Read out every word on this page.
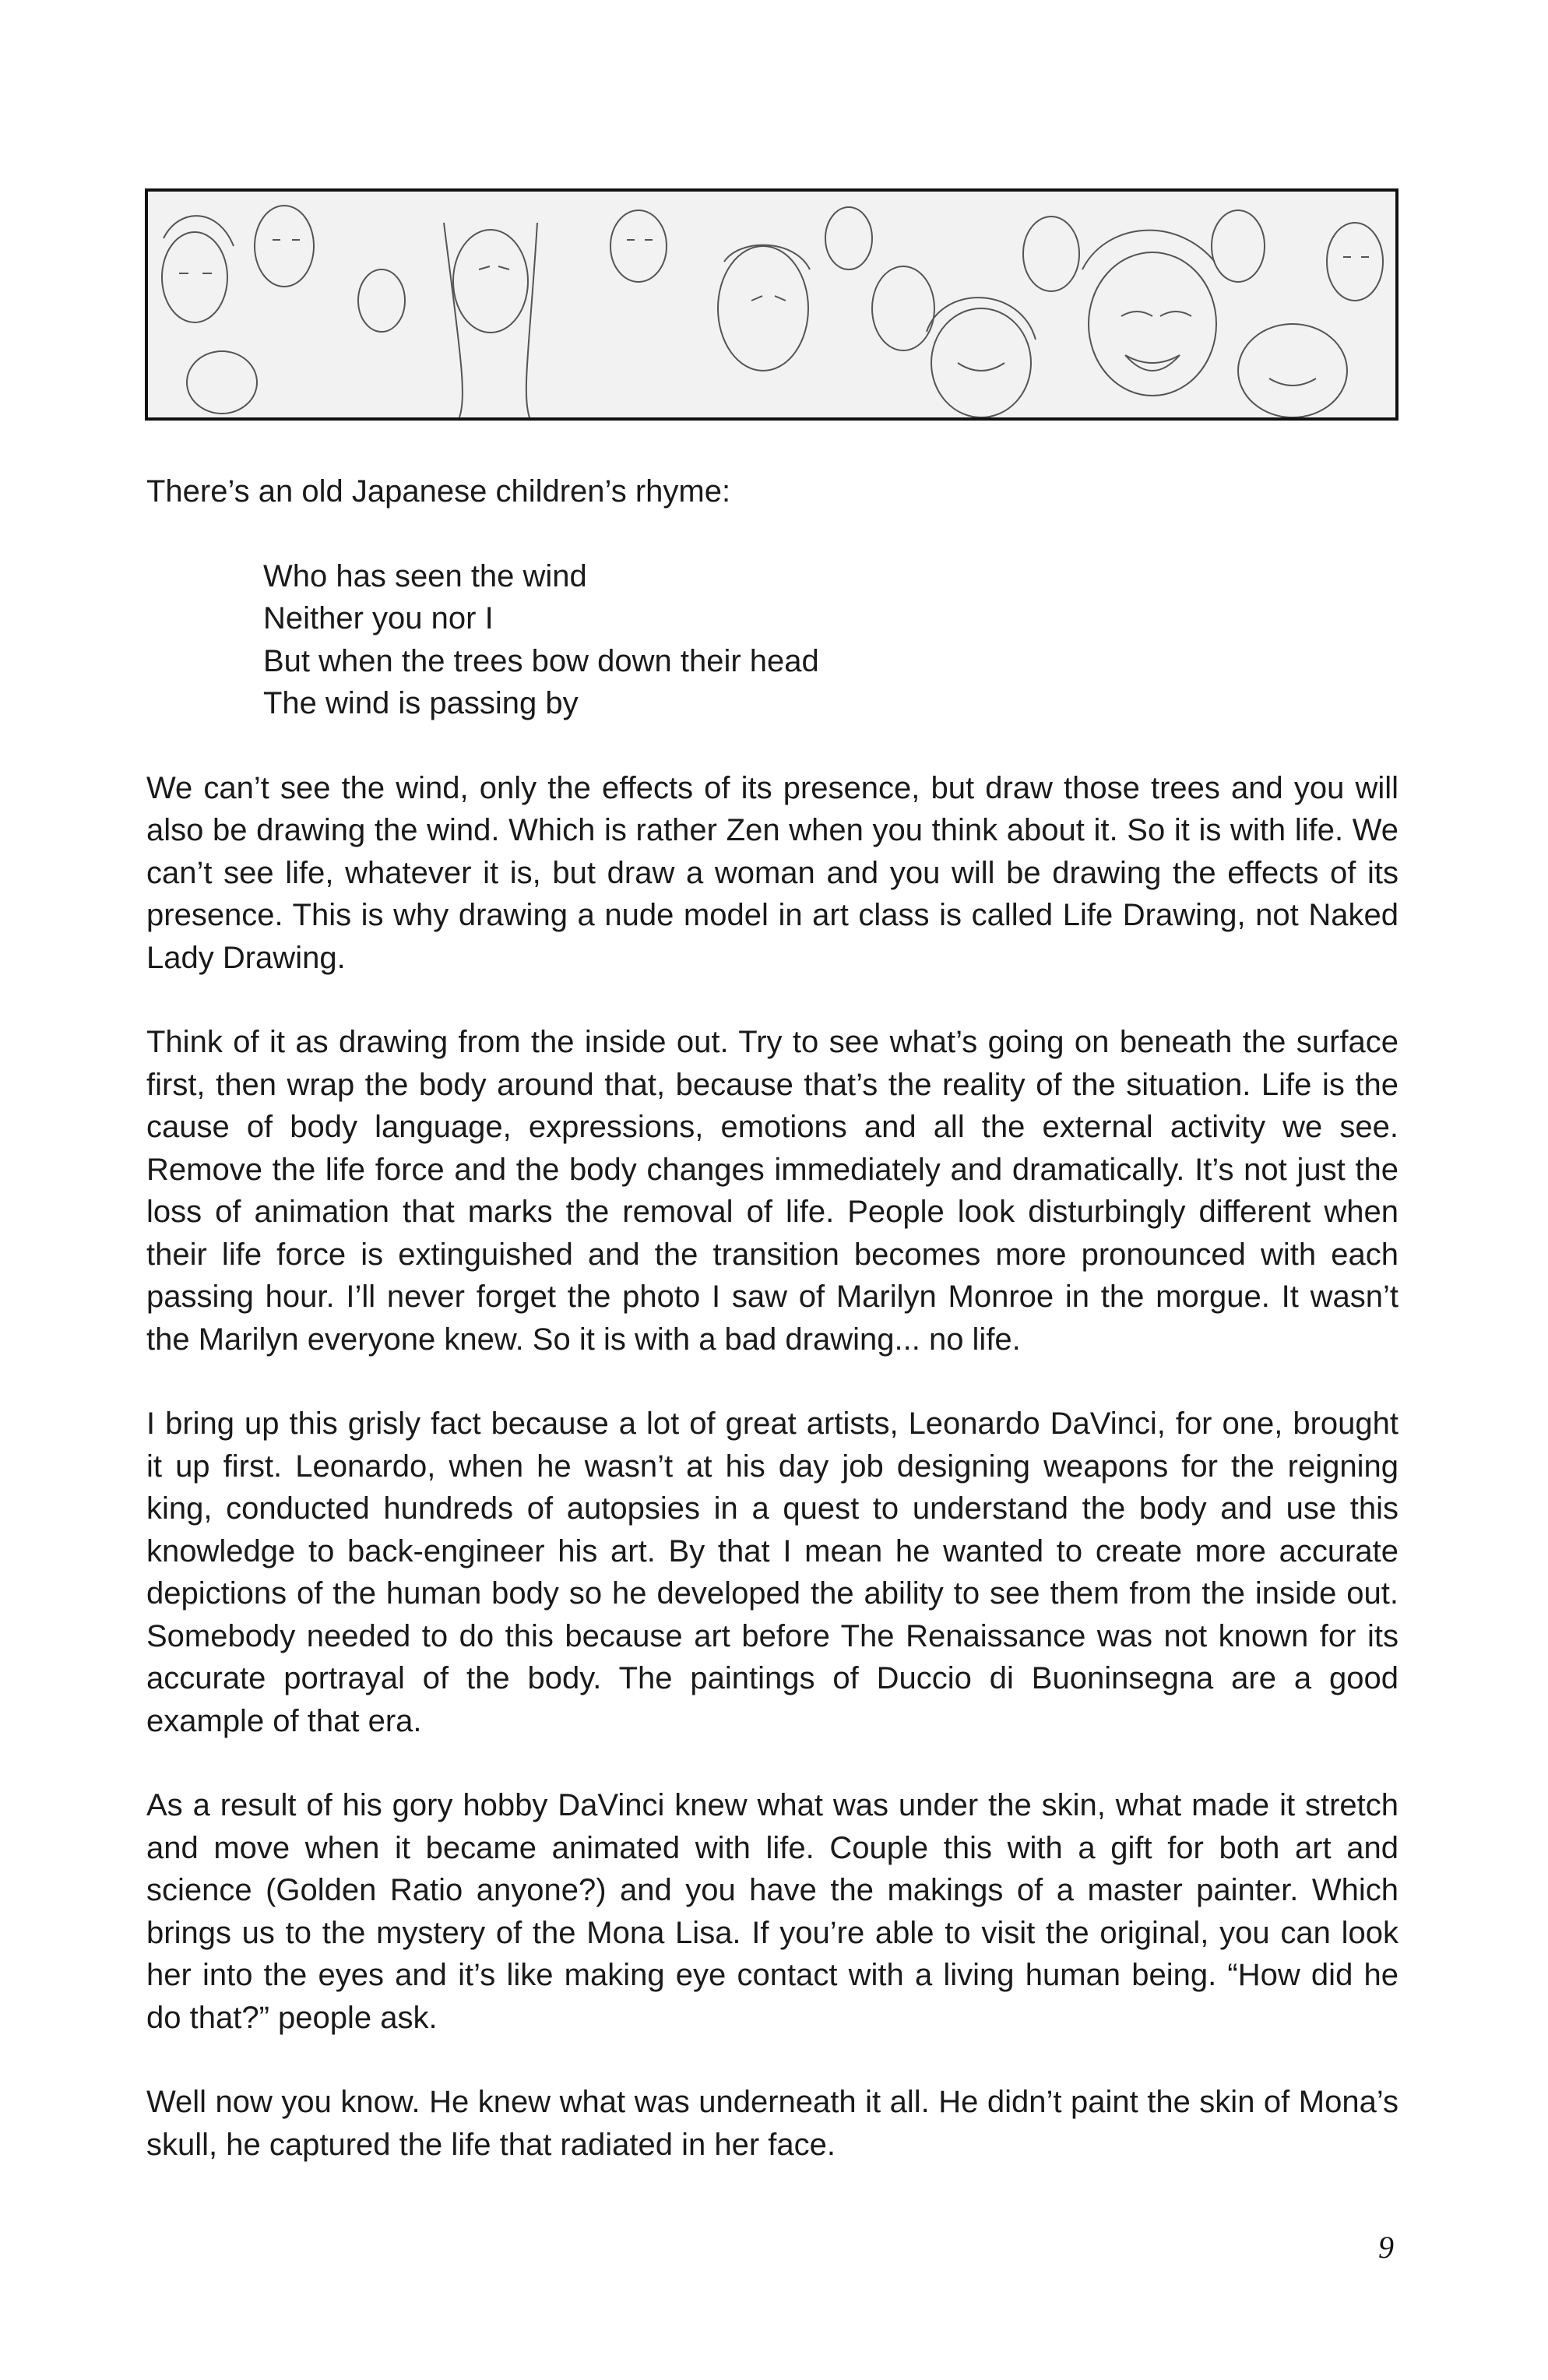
There’s an old Japanese children’s rhyme:

Who has seen the wind
Neither you nor I
But when the trees bow down their head
The wind is passing by

We can’t see the wind, only the effects of its presence, but draw those trees and you will also be drawing the wind. Which is rather Zen when you think about it. So it is with life. We can’t see life, whatever it is, but draw a woman and you will be drawing the effects of its presence. This is why drawing a nude model in art class is called Life Drawing, not Naked Lady Drawing.

Think of it as drawing from the inside out. Try to see what’s going on beneath the surface first, then wrap the body around that, because that’s the reality of the situation. Life is the cause of body language, expressions, emotions and all the external activity we see. Remove the life force and the body changes immediately and dramatically. It’s not just the loss of animation that marks the removal of life. People look disturbingly different when their life force is extinguished and the transition becomes more pronounced with each passing hour. I’ll never forget the photo I saw of Marilyn Monroe in the morgue. It wasn’t the Marilyn everyone knew. So it is with a bad drawing... no life.

I bring up this grisly fact because a lot of great artists, Leonardo DaVinci, for one, brought it up first. Leonardo, when he wasn’t at his day job designing weapons for the reigning king, conducted hundreds of autopsies in a quest to understand the body and use this knowledge to back-engineer his art. By that I mean he wanted to create more accurate depictions of the human body so he developed the ability to see them from the inside out. Somebody needed to do this because art before The Renaissance was not known for its accurate portrayal of the body. The paintings of Duccio di Buoninsegna are a good example of that era.

As a result of his gory hobby DaVinci knew what was under the skin, what made it stretch and move when it became animated with life. Couple this with a gift for both art and science (Golden Ratio anyone?) and you have the makings of a master painter. Which brings us to the mystery of the Mona Lisa. If you’re able to visit the original, you can look her into the eyes and it’s like making eye contact with a living human being. “How did he do that?” people ask.

Well now you know. He knew what was underneath it all. He didn’t paint the skin of Mona’s skull, he captured the life that radiated in her face.

9
